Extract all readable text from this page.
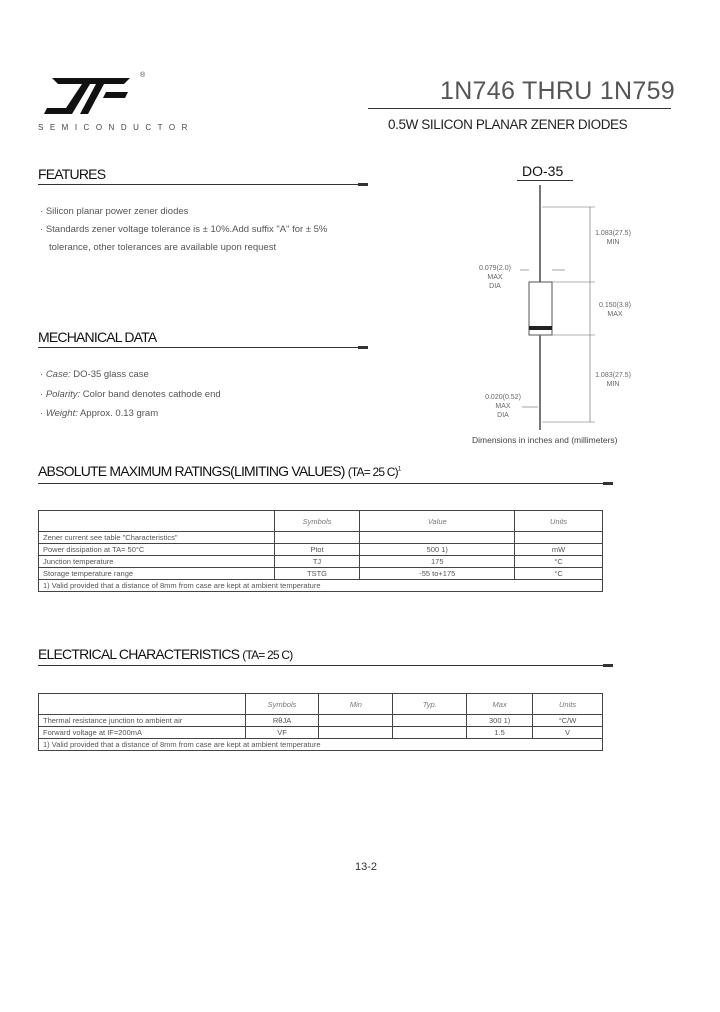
®
SEMICONDUCTOR
1N746 THRU 1N759
0.5W SILICON PLANAR ZENER DIODES
FEATURES
· Silicon planar power zener diodes
· Standards zener voltage tolerance is ± 10%.Add suffix "A" for ± 5%
tolerance, other tolerances are available upon request
MECHANICAL DATA
· Case: DO-35 glass case
· Polarity: Color band denotes cathode end
· Weight: Approx. 0.13 gram
DO-35
1.083(27.5)
MIN
0.079(2.0)
MAX
DIA
0.150(3.8)
MAX
1.083(27.5)
MIN
0.020(0.52)
MAX
DIA
Dimensions in inches and (millimeters)
ABSOLUTE MAXIMUM RATINGS(LIMITING VALUES) (TA= 25 C)$^1$
	Symbols	Value	Units
Zener current see table "Characteristics"			
Power dissipation at TA= 50°C	Ptot	500 1)	mW
Junction temperature	TJ	175	°C
Storage temperature range	TSTG	-55 to+175	°C
1) Valid provided that a distance of 8mm from case are kept at ambient temperature			
ELECTRICAL CHARACTERISTICS (TA= 25 C)
	Symbols	Min	Typ.	Max	Units
Thermal resistance junction to ambient air	RθJA			300 1)	°C/W
Forward voltage at IF=200mA	VF			1.5	V
1) Valid provided that a distance of 8mm from case are kept at ambient temperature					
13-2
